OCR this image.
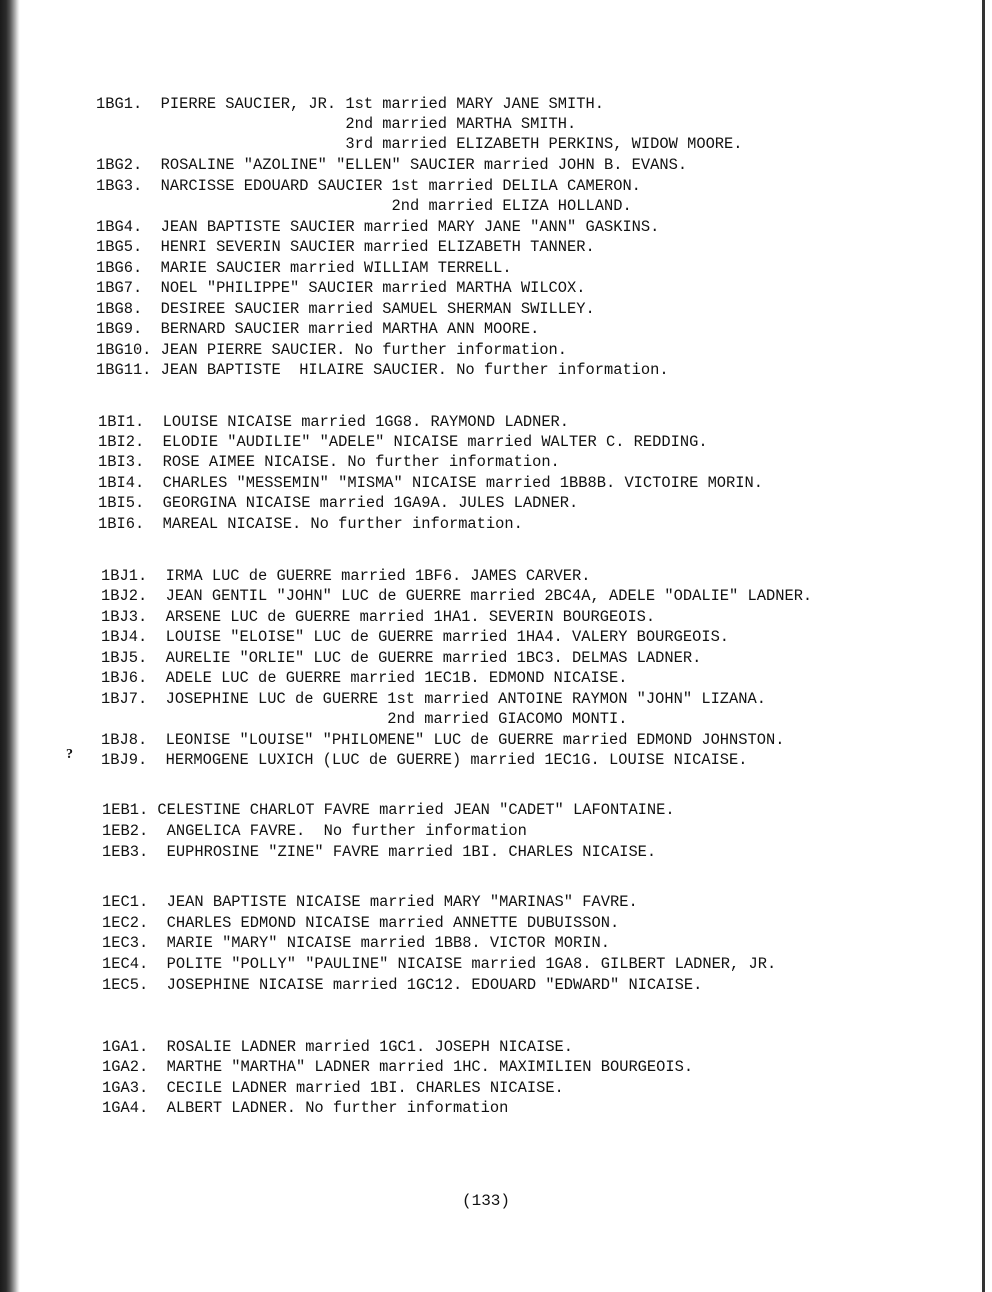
1BG1.  PIERRE SAUCIER, JR. 1st married MARY JANE SMITH.
2nd married MARTHA SMITH.
3rd married ELIZABETH PERKINS, WIDOW MOORE.
1BG2.  ROSALINE "AZOLINE" "ELLEN" SAUCIER married JOHN B. EVANS.
1BG3.  NARCISSE EDOUARD SAUCIER 1st married DELILA CAMERON.
2nd married ELIZA HOLLAND.
1BG4.  JEAN BAPTISTE SAUCIER married MARY JANE "ANN" GASKINS.
1BG5.  HENRI SEVERIN SAUCIER married ELIZABETH TANNER.
1BG6.  MARIE SAUCIER married WILLIAM TERRELL.
1BG7.  NOEL "PHILIPPE" SAUCIER married MARTHA WILCOX.
1BG8.  DESIREE SAUCIER married SAMUEL SHERMAN SWILLEY.
1BG9.  BERNARD SAUCIER married MARTHA ANN MOORE.
1BG10. JEAN PIERRE SAUCIER. No further information.
1BG11. JEAN BAPTISTE  HILAIRE SAUCIER. No further information.
1BI1.  LOUISE NICAISE married 1GG8. RAYMOND LADNER.
1BI2.  ELODIE "AUDILIE" "ADELE" NICAISE married WALTER C. REDDING.
1BI3.  ROSE AIMEE NICAISE. No further information.
1BI4.  CHARLES "MESSEMIN" "MISMA" NICAISE married 1BB8B. VICTOIRE MORIN.
1BI5.  GEORGINA NICAISE married 1GA9A. JULES LADNER.
1BI6.  MAREAL NICAISE. No further information.
1BJ1.  IRMA LUC de GUERRE married 1BF6. JAMES CARVER.
1BJ2.  JEAN GENTIL "JOHN" LUC de GUERRE married 2BC4A, ADELE "ODALIE" LADNER.
1BJ3.  ARSENE LUC de GUERRE married 1HA1. SEVERIN BOURGEOIS.
1BJ4.  LOUISE "ELOISE" LUC de GUERRE married 1HA4. VALERY BOURGEOIS.
1BJ5.  AURELIE "ORLIE" LUC de GUERRE married 1BC3. DELMAS LADNER.
1BJ6.  ADELE LUC de GUERRE married 1EC1B. EDMOND NICAISE.
1BJ7.  JOSEPHINE LUC de GUERRE 1st married ANTOINE RAYMON "JOHN" LIZANA.
2nd married GIACOMO MONTI.
1BJ8.  LEONISE "LOUISE" "PHILOMENE" LUC de GUERRE married EDMOND JOHNSTON.
1BJ9.  HERMOGENE LUXICH (LUC de GUERRE) married 1EC1G. LOUISE NICAISE.
1EB1. CELESTINE CHARLOT FAVRE married JEAN "CADET" LAFONTAINE.
1EB2.  ANGELICA FAVRE.  No further information
1EB3.  EUPHROSINE "ZINE" FAVRE married 1BI. CHARLES NICAISE.
1EC1.  JEAN BAPTISTE NICAISE married MARY "MARINAS" FAVRE.
1EC2.  CHARLES EDMOND NICAISE married ANNETTE DUBUISSON.
1EC3.  MARIE "MARY" NICAISE married 1BB8. VICTOR MORIN.
1EC4.  POLITE "POLLY" "PAULINE" NICAISE married 1GA8. GILBERT LADNER, JR.
1EC5.  JOSEPHINE NICAISE married 1GC12. EDOUARD "EDWARD" NICAISE.
1GA1.  ROSALIE LADNER married 1GC1. JOSEPH NICAISE.
1GA2.  MARTHE "MARTHA" LADNER married 1HC. MAXIMILIEN BOURGEOIS.
1GA3.  CECILE LADNER married 1BI. CHARLES NICAISE.
1GA4.  ALBERT LADNER. No further information
?
(133)
